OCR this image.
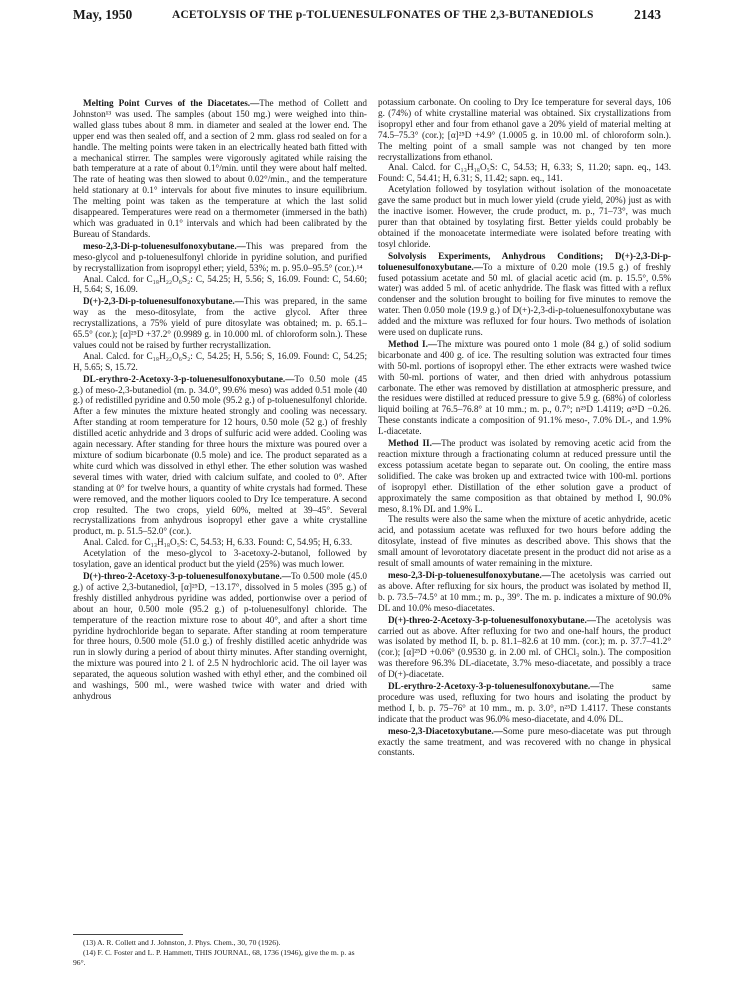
May, 1950	ACETOLYSIS OF THE p-TOLUENESULFONATES OF THE 2,3-BUTANEDIOLS	2143

Melting Point Curves of the Diacetates.—The method of Collett and Johnston¹³ was used. The samples (about 150 mg.) were weighed into thin-walled glass tubes about 8 mm. in diameter and sealed at the lower end. The upper end was then sealed off, and a section of 2 mm. glass rod sealed on for a handle. The melting points were taken in an electrically heated bath fitted with a mechanical stirrer. The samples were vigorously agitated while raising the bath temperature at a rate of about 0.1°/min. until they were about half melted. The rate of heating was then slowed to about 0.02°/min., and the temperature held stationary at 0.1° intervals for about five minutes to insure equilibrium. The melting point was taken as the temperature at which the last solid disappeared. Temperatures were read on a thermometer (immersed in the bath) which was graduated in 0.1° intervals and which had been calibrated by the Bureau of Standards.

meso-2,3-Di-p-toluenesulfonoxybutane.—This was prepared from the meso-glycol and p-toluenesulfonyl chloride in pyridine solution, and purified by recrystallization from isopropyl ether; yield, 53%; m. p. 95.0–95.5° (cor.).¹⁴

Anal. Calcd. for C₁₈H₂₂O₆S₂: C, 54.25; H, 5.56; S, 16.09. Found: C, 54.60; H, 5.64; S, 16.09.

D(+)-2,3-Di-p-toluenesulfonoxybutane.—This was prepared, in the same way as the meso-ditosylate, from the active glycol. After three recrystallizations, a 75% yield of pure ditosylate was obtained; m. p. 65.1–65.5° (cor.); [α]²⁵D +37.2° (0.9989 g. in 10.000 ml. of chloroform soln.). These values could not be raised by further recrystallization.

Anal. Calcd. for C₁₈H₂₂O₆S₂: C, 54.25; H, 5.56; S, 16.09. Found: C, 54.25; H, 5.65; S, 15.72.

DL-erythro-2-Acetoxy-3-p-toluenesulfonoxybutane.—To 0.50 mole (45 g.) of meso-2,3-butanediol (m. p. 34.0°, 99.6% meso) was added 0.51 mole (40 g.) of redistilled pyridine and 0.50 mole (95.2 g.) of p-toluenesulfonyl chloride. After a few minutes the mixture heated strongly and cooling was necessary. After standing at room temperature for 12 hours, 0.50 mole (52 g.) of freshly distilled acetic anhydride and 3 drops of sulfuric acid were added. Cooling was again necessary. After standing for three hours the mixture was poured over a mixture of sodium bicarbonate (0.5 mole) and ice. The product separated as a white curd which was dissolved in ethyl ether. The ether solution was washed several times with water, dried with calcium sulfate, and cooled to 0°. After standing at 0° for twelve hours, a quantity of white crystals had formed. These were removed, and the mother liquors cooled to Dry Ice temperature. A second crop resulted. The two crops, yield 60%, melted at 39–45°. Several recrystallizations from anhydrous isopropyl ether gave a white crystalline product, m. p. 51.5–52.0° (cor.).

Anal. Calcd. for C₁₃H₁₈O₅S: C, 54.53; H, 6.33. Found: C, 54.95; H, 6.33.

Acetylation of the meso-glycol to 3-acetoxy-2-butanol, followed by tosylation, gave an identical product but the yield (25%) was much lower.

D(+)-threo-2-Acetoxy-3-p-toluenesulfonoxybutane.—To 0.500 mole (45.0 g.) of active 2,3-butanediol, [α]²⁵D, −13.17°, dissolved in 5 moles (395 g.) of freshly distilled anhydrous pyridine was added, portionwise over a period of about an hour, 0.500 mole (95.2 g.) of p-toluenesulfonyl chloride. The temperature of the reaction mixture rose to about 40°, and after a short time pyridine hydrochloride began to separate. After standing at room temperature for three hours, 0.500 mole (51.0 g.) of freshly distilled acetic anhydride was run in slowly during a period of about thirty minutes. After standing overnight, the mixture was poured into 2 l. of 2.5 N hydrochloric acid. The oil layer was separated, the aqueous solution washed with ethyl ether, and the combined oil and washings, 500 ml., were washed twice with water and dried with anhydrous

potassium carbonate. On cooling to Dry Ice temperature for several days, 106 g. (74%) of white crystalline material was obtained. Six crystallizations from isopropyl ether and four from ethanol gave a 20% yield of material melting at 74.5–75.3° (cor.); [α]²⁵D +4.9° (1.0005 g. in 10.00 ml. of chloroform soln.). The melting point of a small sample was not changed by ten more recrystallizations from ethanol.

Anal. Calcd. for C₁₃H₁₈O₅S: C, 54.53; H, 6.33; S, 11.20; sapn. eq., 143. Found: C, 54.41; H, 6.31; S, 11.42; sapn. eq., 141.

Acetylation followed by tosylation without isolation of the monoacetate gave the same product but in much lower yield (crude yield, 20%) just as with the inactive isomer. However, the crude product, m. p., 71–73°, was much purer than that obtained by tosylating first. Better yields could probably be obtained if the monoacetate intermediate were isolated before treating with tosyl chloride.

Solvolysis Experiments, Anhydrous Conditions; D(+)-2,3-Di-p-toluenesulfonoxybutane.—To a mixture of 0.20 mole (19.5 g.) of freshly fused potassium acetate and 50 ml. of glacial acetic acid (m. p. 15.5°, 0.5% water) was added 5 ml. of acetic anhydride. The flask was fitted with a reflux condenser and the solution brought to boiling for five minutes to remove the water. Then 0.050 mole (19.9 g.) of D(+)-2,3-di-p-toluenesulfonoxybutane was added and the mixture was refluxed for four hours. Two methods of isolation were used on duplicate runs.

Method I.—The mixture was poured onto 1 mole (84 g.) of solid sodium bicarbonate and 400 g. of ice. The resulting solution was extracted four times with 50-ml. portions of isopropyl ether. The ether extracts were washed twice with 50-ml. portions of water, and then dried with anhydrous potassium carbonate. The ether was removed by distillation at atmospheric pressure, and the residues were distilled at reduced pressure to give 5.9 g. (68%) of colorless liquid boiling at 76.5–76.8° at 10 mm.; m. p., 0.7°; n²⁵D 1.4119; α²⁵D −0.26. These constants indicate a composition of 91.1% meso-, 7.0% DL-, and 1.9% L-diacetate.

Method II.—The product was isolated by removing acetic acid from the reaction mixture through a fractionating column at reduced pressure until the excess potassium acetate began to separate out. On cooling, the entire mass solidified. The cake was broken up and extracted twice with 100-ml. portions of isopropyl ether. Distillation of the ether solution gave a product of approximately the same composition as that obtained by method I, 90.0% meso, 8.1% DL and 1.9% L.

The results were also the same when the mixture of acetic anhydride, acetic acid, and potassium acetate was refluxed for two hours before adding the ditosylate, instead of five minutes as described above. This shows that the small amount of levorotatory diacetate present in the product did not arise as a result of small amounts of water remaining in the mixture.

meso-2,3-Di-p-toluenesulfonoxybutane.—The acetolysis was carried out as above. After refluxing for six hours, the product was isolated by method II, b. p. 73.5–74.5° at 10 mm.; m. p., 39°. The m. p. indicates a mixture of 90.0% DL and 10.0% meso-diacetates.

D(+)-threo-2-Acetoxy-3-p-toluenesulfonoxybutane.—The acetolysis was carried out as above. After refluxing for two and one-half hours, the product was isolated by method II, b. p. 81.1–82.6 at 10 mm. (cor.); m. p. 37.7–41.2° (cor.); [α]²⁵D +0.06° (0.9530 g. in 2.00 ml. of CHCl₃ soln.). The composition was therefore 96.3% DL-diacetate, 3.7% meso-diacetate, and possibly a trace of D(+)-diacetate.

DL-erythro-2-Acetoxy-3-p-toluenesulfonoxybutane.—The same procedure was used, refluxing for two hours and isolating the product by method I, b. p. 75–76° at 10 mm., m. p. 3.0°, n²⁵D 1.4117. These constants indicate that the product was 96.0% meso-diacetate, and 4.0% DL.

meso-2,3-Diacetoxybutane.—Some pure meso-diacetate was put through exactly the same treatment, and was recovered with no change in physical constants.

(13) A. R. Collett and J. Johnston, J. Phys. Chem., 30, 70 (1926).

(14) F. C. Foster and L. P. Hammett, THIS JOURNAL, 68, 1736 (1946), give the m. p. as 96°.
